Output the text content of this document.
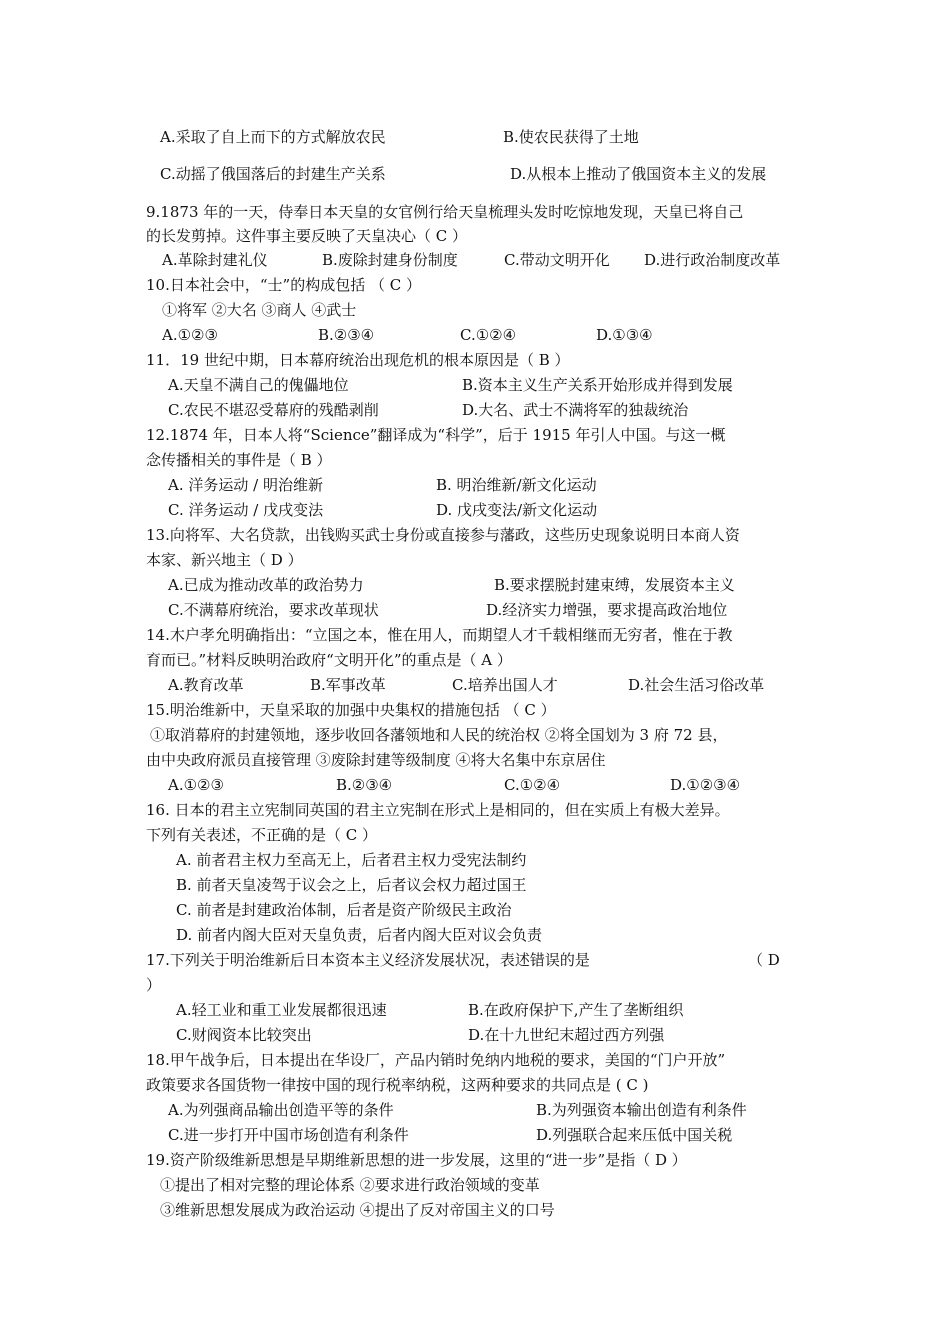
A.采取了自上而下的方式解放农民	B.使农民获得了土地
C.动摇了俄国落后的封建生产关系	D.从根本上推动了俄国资本主义的发展
9.1873 年的一天，侍奉日本天皇的女官例行给天皇梳理头发时吃惊地发现，天皇已将自己
的长发剪掉。这件事主要反映了天皇决心（ C ）
A.革除封建礼仪	B.废除封建身份制度	C.带动文明开化 D.进行政治制度改革
10.日本社会中，“士”的构成包括 （ C ）
①将军 ②大名 ③商人 ④武士
A.①②③	B.②③④	C.①②④	D.①③④
11．19 世纪中期，日本幕府统治出现危机的根本原因是（ B ）
A.天皇不满自己的傀儡地位	B.资本主义生产关系开始形成并得到发展
C.农民不堪忍受幕府的残酷剥削	D.大名、武士不满将军的独裁统治
12.1874 年，日本人将“Science”翻译成为“科学”，后于 1915 年引人中国。与这一概
念传播相关的事件是（ B ）
A. 洋务运动 / 明治维新	B. 明治维新/新文化运动
C. 洋务运动 / 戊戌变法	D. 戊戌变法/新文化运动
13.向将军、大名贷款，出钱购买武士身份或直接参与藩政，这些历史现象说明日本商人资
本家、新兴地主（ D ）
A.已成为推动改革的政治势力	B.要求摆脱封建束缚，发展资本主义
C.不满幕府统治，要求改革现状	D.经济实力增强，要求提高政治地位
14.木户孝允明确指出：“立国之本，惟在用人，而期望人才千载相继而无穷者，惟在于教
育而已。”材料反映明治政府“文明开化”的重点是（ A ）
A.教育改革	B.军事改革	C.培养出国人才	D.社会生活习俗改革
15.明治维新中，天皇采取的加强中央集权的措施包括 （ C ）
①取消幕府的封建领地，逐步收回各藩领地和人民的统治权 ②将全国划为 3 府 72 县，
由中央政府派员直接管理 ③废除封建等级制度 ④将大名集中东京居住
A.①②③	B.②③④	C.①②④	D.①②③④
16. 日本的君主立宪制同英国的君主立宪制在形式上是相同的，但在实质上有极大差异。
下列有关表述，不正确的是（ C ）
A. 前者君主权力至高无上，后者君主权力受宪法制约
B. 前者天皇凌驾于议会之上，后者议会权力超过国王
C. 前者是封建政治体制，后者是资产阶级民主政治
D. 前者内阁大臣对天皇负责，后者内阁大臣对议会负责
17.下列关于明治维新后日本资本主义经济发展状况，表述错误的是	（ D
）
A.轻工业和重工业发展都很迅速	B.在政府保护下,产生了垄断组织
C.财阀资本比较突出	D.在十九世纪末超过西方列强
18.甲午战争后，日本提出在华设厂，产品内销时免纳内地税的要求，美国的“门户开放”
政策要求各国货物一律按中国的现行税率纳税，这两种要求的共同点是 ( C )
A.为列强商品输出创造平等的条件	B.为列强资本输出创造有利条件
C.进一步打开中国市场创造有利条件	D.列强联合起来压低中国关税
19.资产阶级维新思想是早期维新思想的进一步发展，这里的“进一步”是指（ D ）
①提出了相对完整的理论体系 ②要求进行政治领域的变革
③维新思想发展成为政治运动 ④提出了反对帝国主义的口号
